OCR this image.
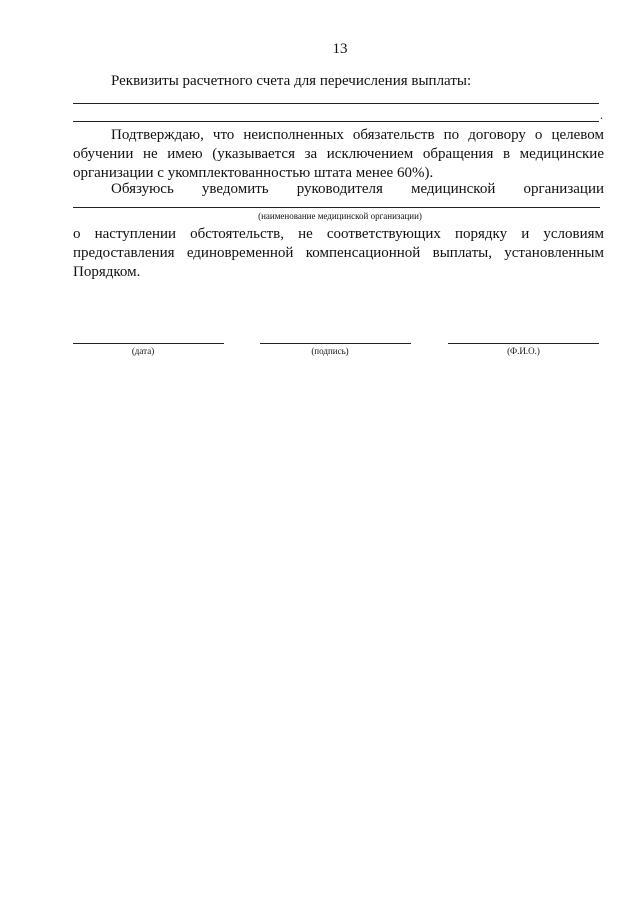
13
Реквизиты расчетного счета для перечисления выплаты:
.
Подтверждаю, что неисполненных обязательств по договору о целевом обучении не имею (указывается за исключением обращения в медицинские организации с укомплектованностью штата менее 60%).
Обязуюсь уведомить руководителя медицинской организации
(наименование медицинской организации)
о наступлении обстоятельств, не соответствующих порядку и условиям предоставления единовременной компенсационной выплаты, установленным Порядком.
(дата)	(подпись)	(Ф.И.О.)
